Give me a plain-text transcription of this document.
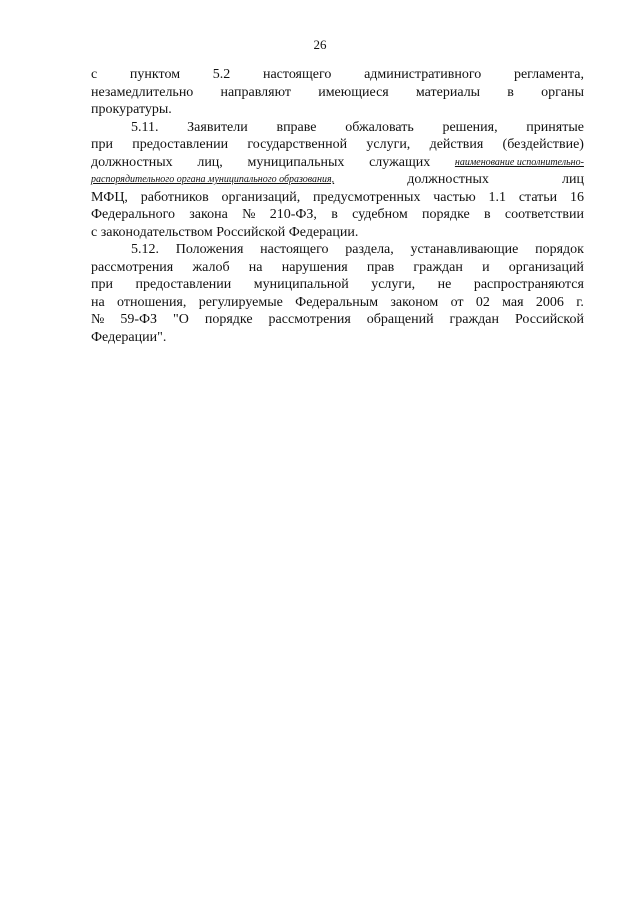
26
с пунктом 5.2 настоящего административного регламента,
незамедлительно направляют имеющиеся материалы в органы
прокуратуры.
5.11. Заявители вправе обжаловать решения, принятые
при предоставлении государственной услуги, действия (бездействие)
должностных лиц, муниципальных служащих наименование исполнительно-
распорядительного органа муниципального образования,	должностных	лиц
МФЦ, работников организаций, предусмотренных частью 1.1 статьи 16
Федерального закона № 210-ФЗ, в судебном порядке в соответствии
с законодательством Российской Федерации.
5.12. Положения настоящего раздела, устанавливающие порядок
рассмотрения жалоб на нарушения прав граждан и организаций
при предоставлении муниципальной услуги, не распространяются
на отношения, регулируемые Федеральным законом от 02 мая 2006 г.
№ 59-ФЗ "О порядке рассмотрения обращений граждан Российской
Федерации".
